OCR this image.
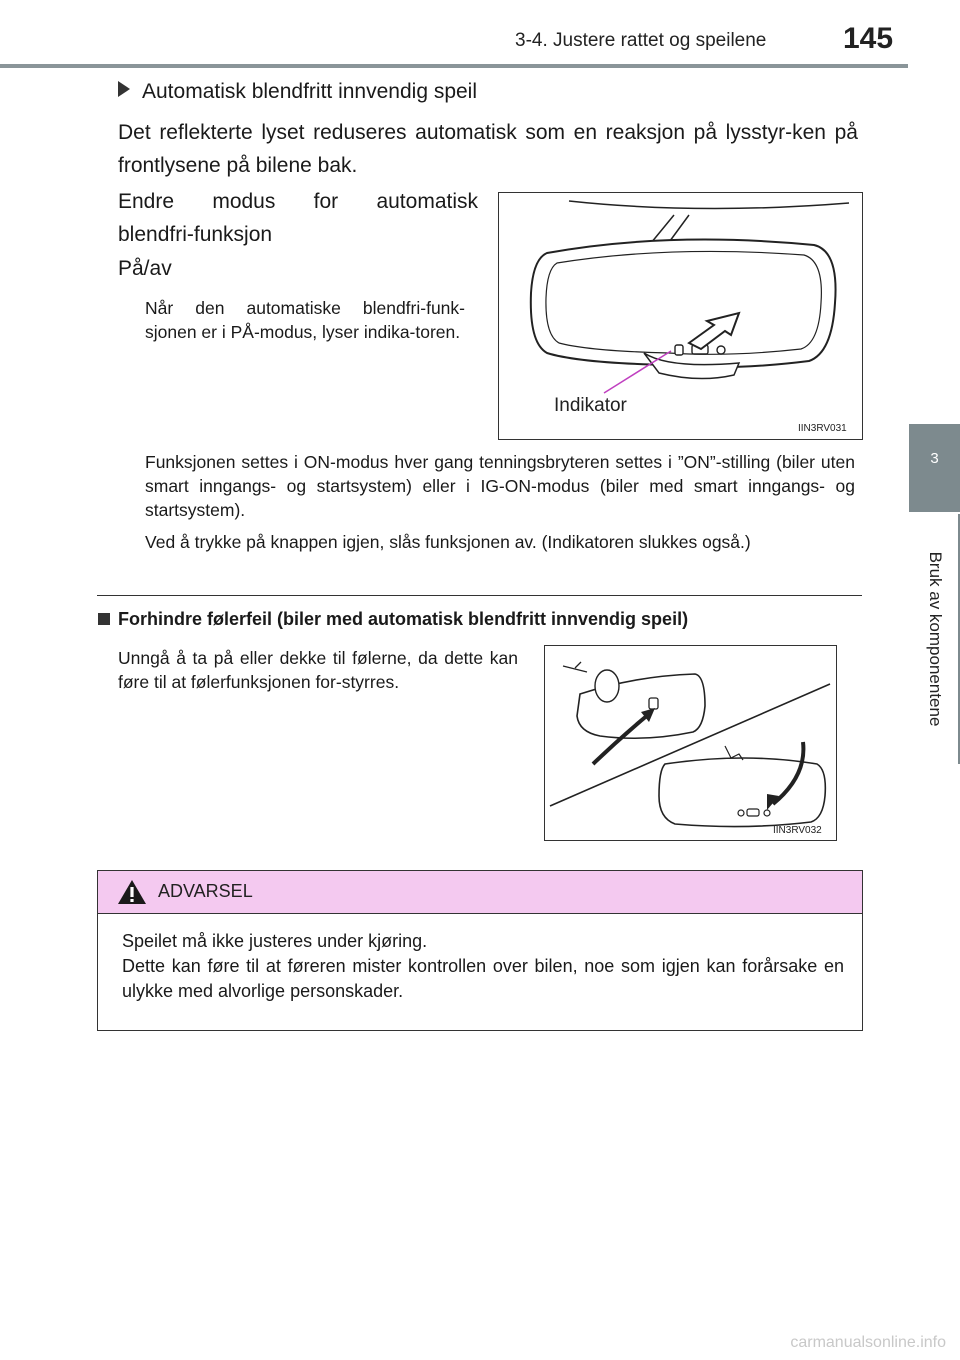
3-4. Justere rattet og speilene	145
3
Bruk av komponentene
Automatisk blendfritt innvendig speil
Det reflekterte lyset reduseres automatisk som en reaksjon på lysstyr-ken på frontlysene på bilene bak.
Endre modus for automatisk
blendfri-funksjon
På/av
Når den automatiske blendfri-funk-sjonen er i PÅ-modus, lyser indika-toren.
Indikator
IIN3RV031
Funksjonen settes i ON-modus hver gang tenningsbryteren settes i ”ON”-stilling (biler uten smart inngangs- og startsystem) eller i IG-ON-modus (biler med smart inngangs- og startsystem).
Ved å trykke på knappen igjen, slås funksjonen av. (Indikatoren slukkes også.)
Forhindre følerfeil (biler med automatisk blendfritt innvendig speil)
Unngå å ta på eller dekke til følerne, da dette kan føre til at følerfunksjonen for-styrres.
IIN3RV032
ADVARSEL
Speilet må ikke justeres under kjøring.
Dette kan føre til at føreren mister kontrollen over bilen, noe som igjen kan forårsake en ulykke med alvorlige personskader.
carmanualsonline.info
